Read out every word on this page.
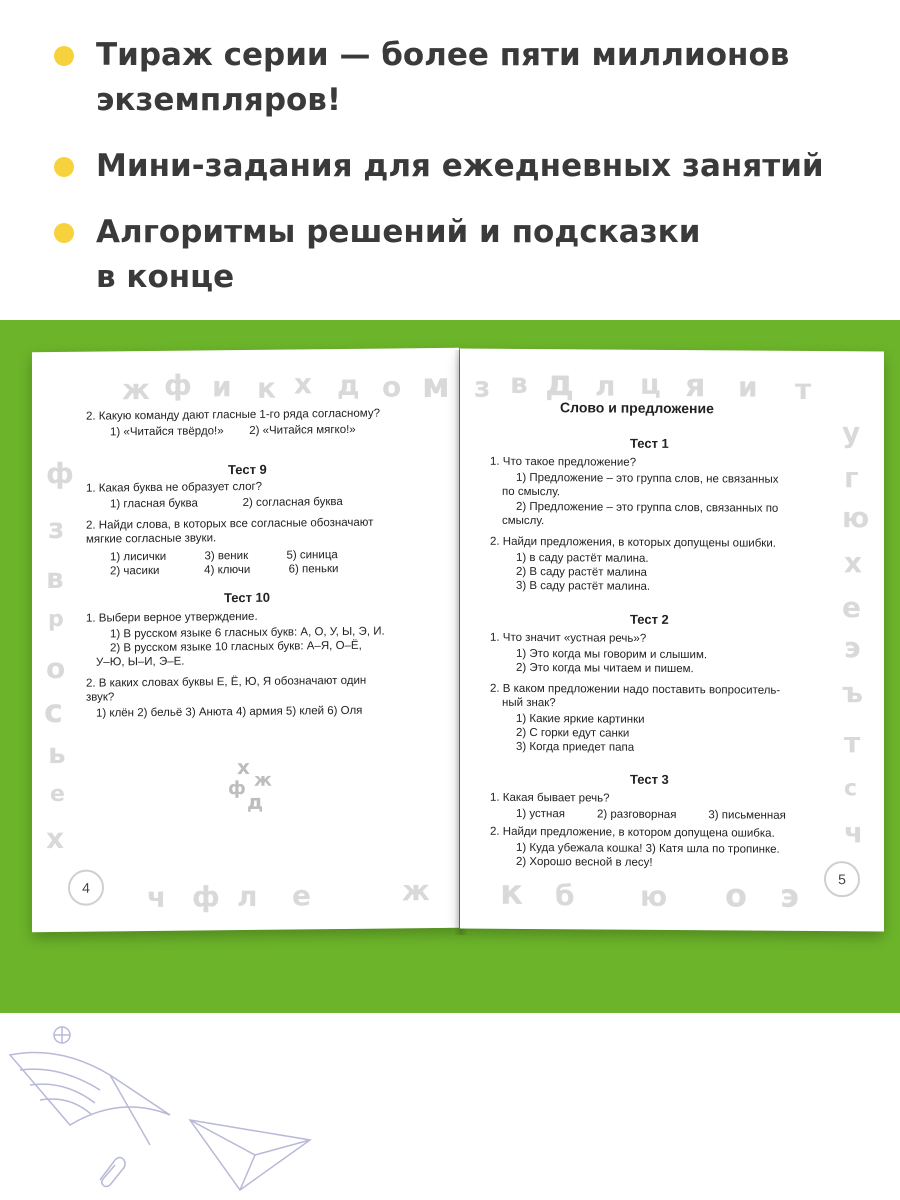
Тираж серии — более пяти миллионов
экземпляров!
Мини-задания для ежедневных занятий
Алгоритмы решений и подсказки
в конце
ж ф и к х д о м
ф
з
в
р
о
с
ь
е
х
ч ф л е	ж
х
ж
ф
д
2. Какую команду дают гласные 1-го ряда согласному?
1) «Читайся твёрдо!»        2) «Читайся мягко!»
Тест 9
1. Какая буква не образует слог?
1) гласная буква              2) согласная буква
2. Найди слова, в которых все согласные обозначают
мягкие согласные звуки.
1) лисички            3) веник            5) синица
2) часики              4) ключи            6) пеньки
Тест 10
1. Выбери верное утверждение.
1) В русском языке 6 гласных букв: А, О, У, Ы, Э, И.
2) В русском языке 10 гласных букв: А–Я, О–Ё,
У–Ю, Ы–И, Э–Е.
2. В каких словах буквы Е, Ё, Ю, Я обозначают один
звук?
1) клён 2) бельё 3) Анюта 4) армия 5) клей 6) Оля
4
з в д л ц я и т
у
г
ю
х
е
э
ъ
т
с
ч
к б ю о э
Слово и предложение
Тест 1
1. Что такое предложение?
1) Предложение – это группа слов, не связанных
по смыслу.
2) Предложение – это группа слов, связанных по
смыслу.
2. Найди предложения, в которых допущены ошибки.
1) в саду растёт малина.
2) В саду растёт малина
3) В саду растёт малина.
Тест 2
1. Что значит «устная речь»?
1) Это когда мы говорим и слышим.
2) Это когда мы читаем и пишем.
2. В каком предложении надо поставить вопроситель-
ный знак?
1) Какие яркие картинки
2) С горки едут санки
3) Когда приедет папа
Тест 3
1. Какая бывает речь?
1) устная          2) разговорная          3) письменная
2. Найди предложение, в котором допущена ошибка.
1) Куда убежала кошка! 3) Катя шла по тропинке.
2) Хорошо весной в лесу!
5
